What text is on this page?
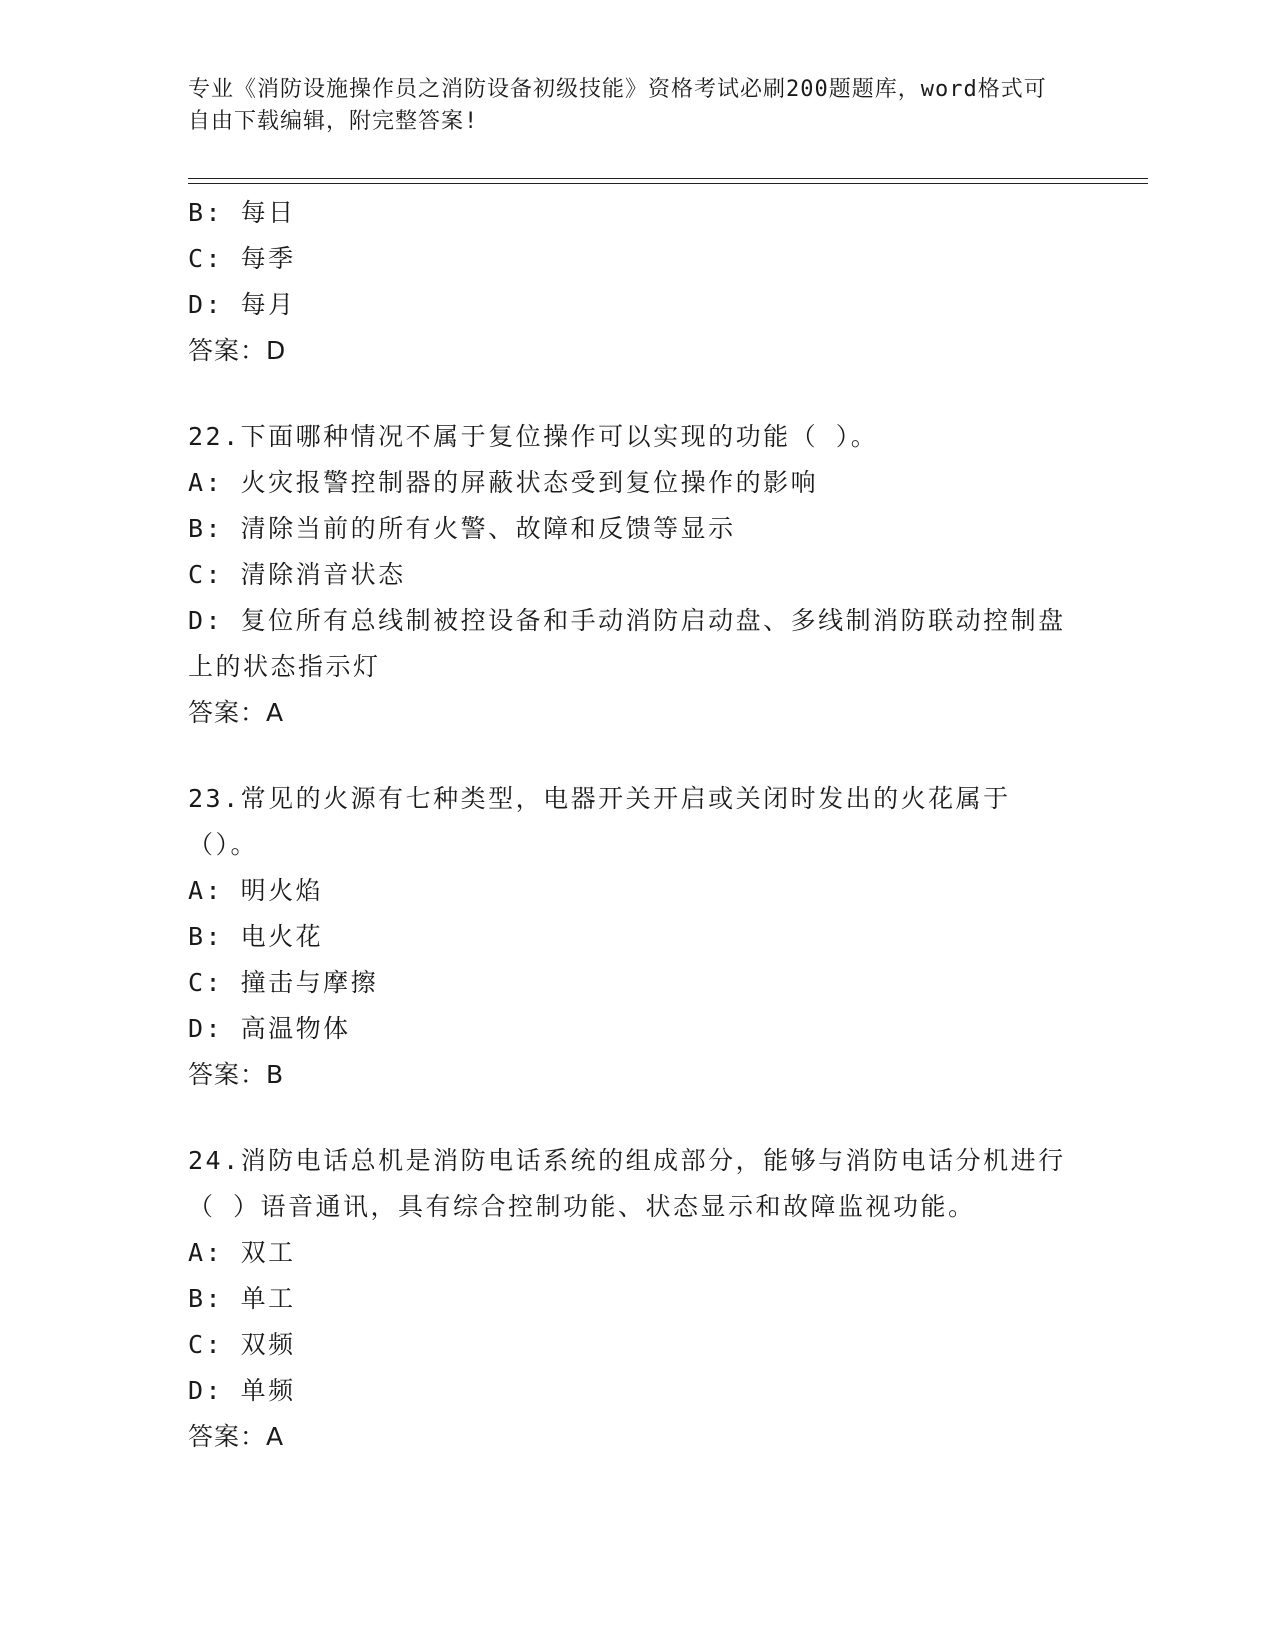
专业《消防设施操作员之消防设备初级技能》资格考试必刷200题题库，word格式可自由下载编辑，附完整答案!
B: 每日
C: 每季
D: 每月
答案：D
22.下面哪种情况不属于复位操作可以实现的功能（ ）。
A: 火灾报警控制器的屏蔽状态受到复位操作的影响
B: 清除当前的所有火警、故障和反馈等显示
C: 清除消音状态
D: 复位所有总线制被控设备和手动消防启动盘、多线制消防联动控制盘上的状态指示灯
答案：A
23.常见的火源有七种类型，电器开关开启或关闭时发出的火花属于（）。
A: 明火焰
B: 电火花
C: 撞击与摩擦
D: 高温物体
答案：B
24.消防电话总机是消防电话系统的组成部分，能够与消防电话分机进行（ ）语音通讯，具有综合控制功能、状态显示和故障监视功能。
A: 双工
B: 单工
C: 双频
D: 单频
答案：A
